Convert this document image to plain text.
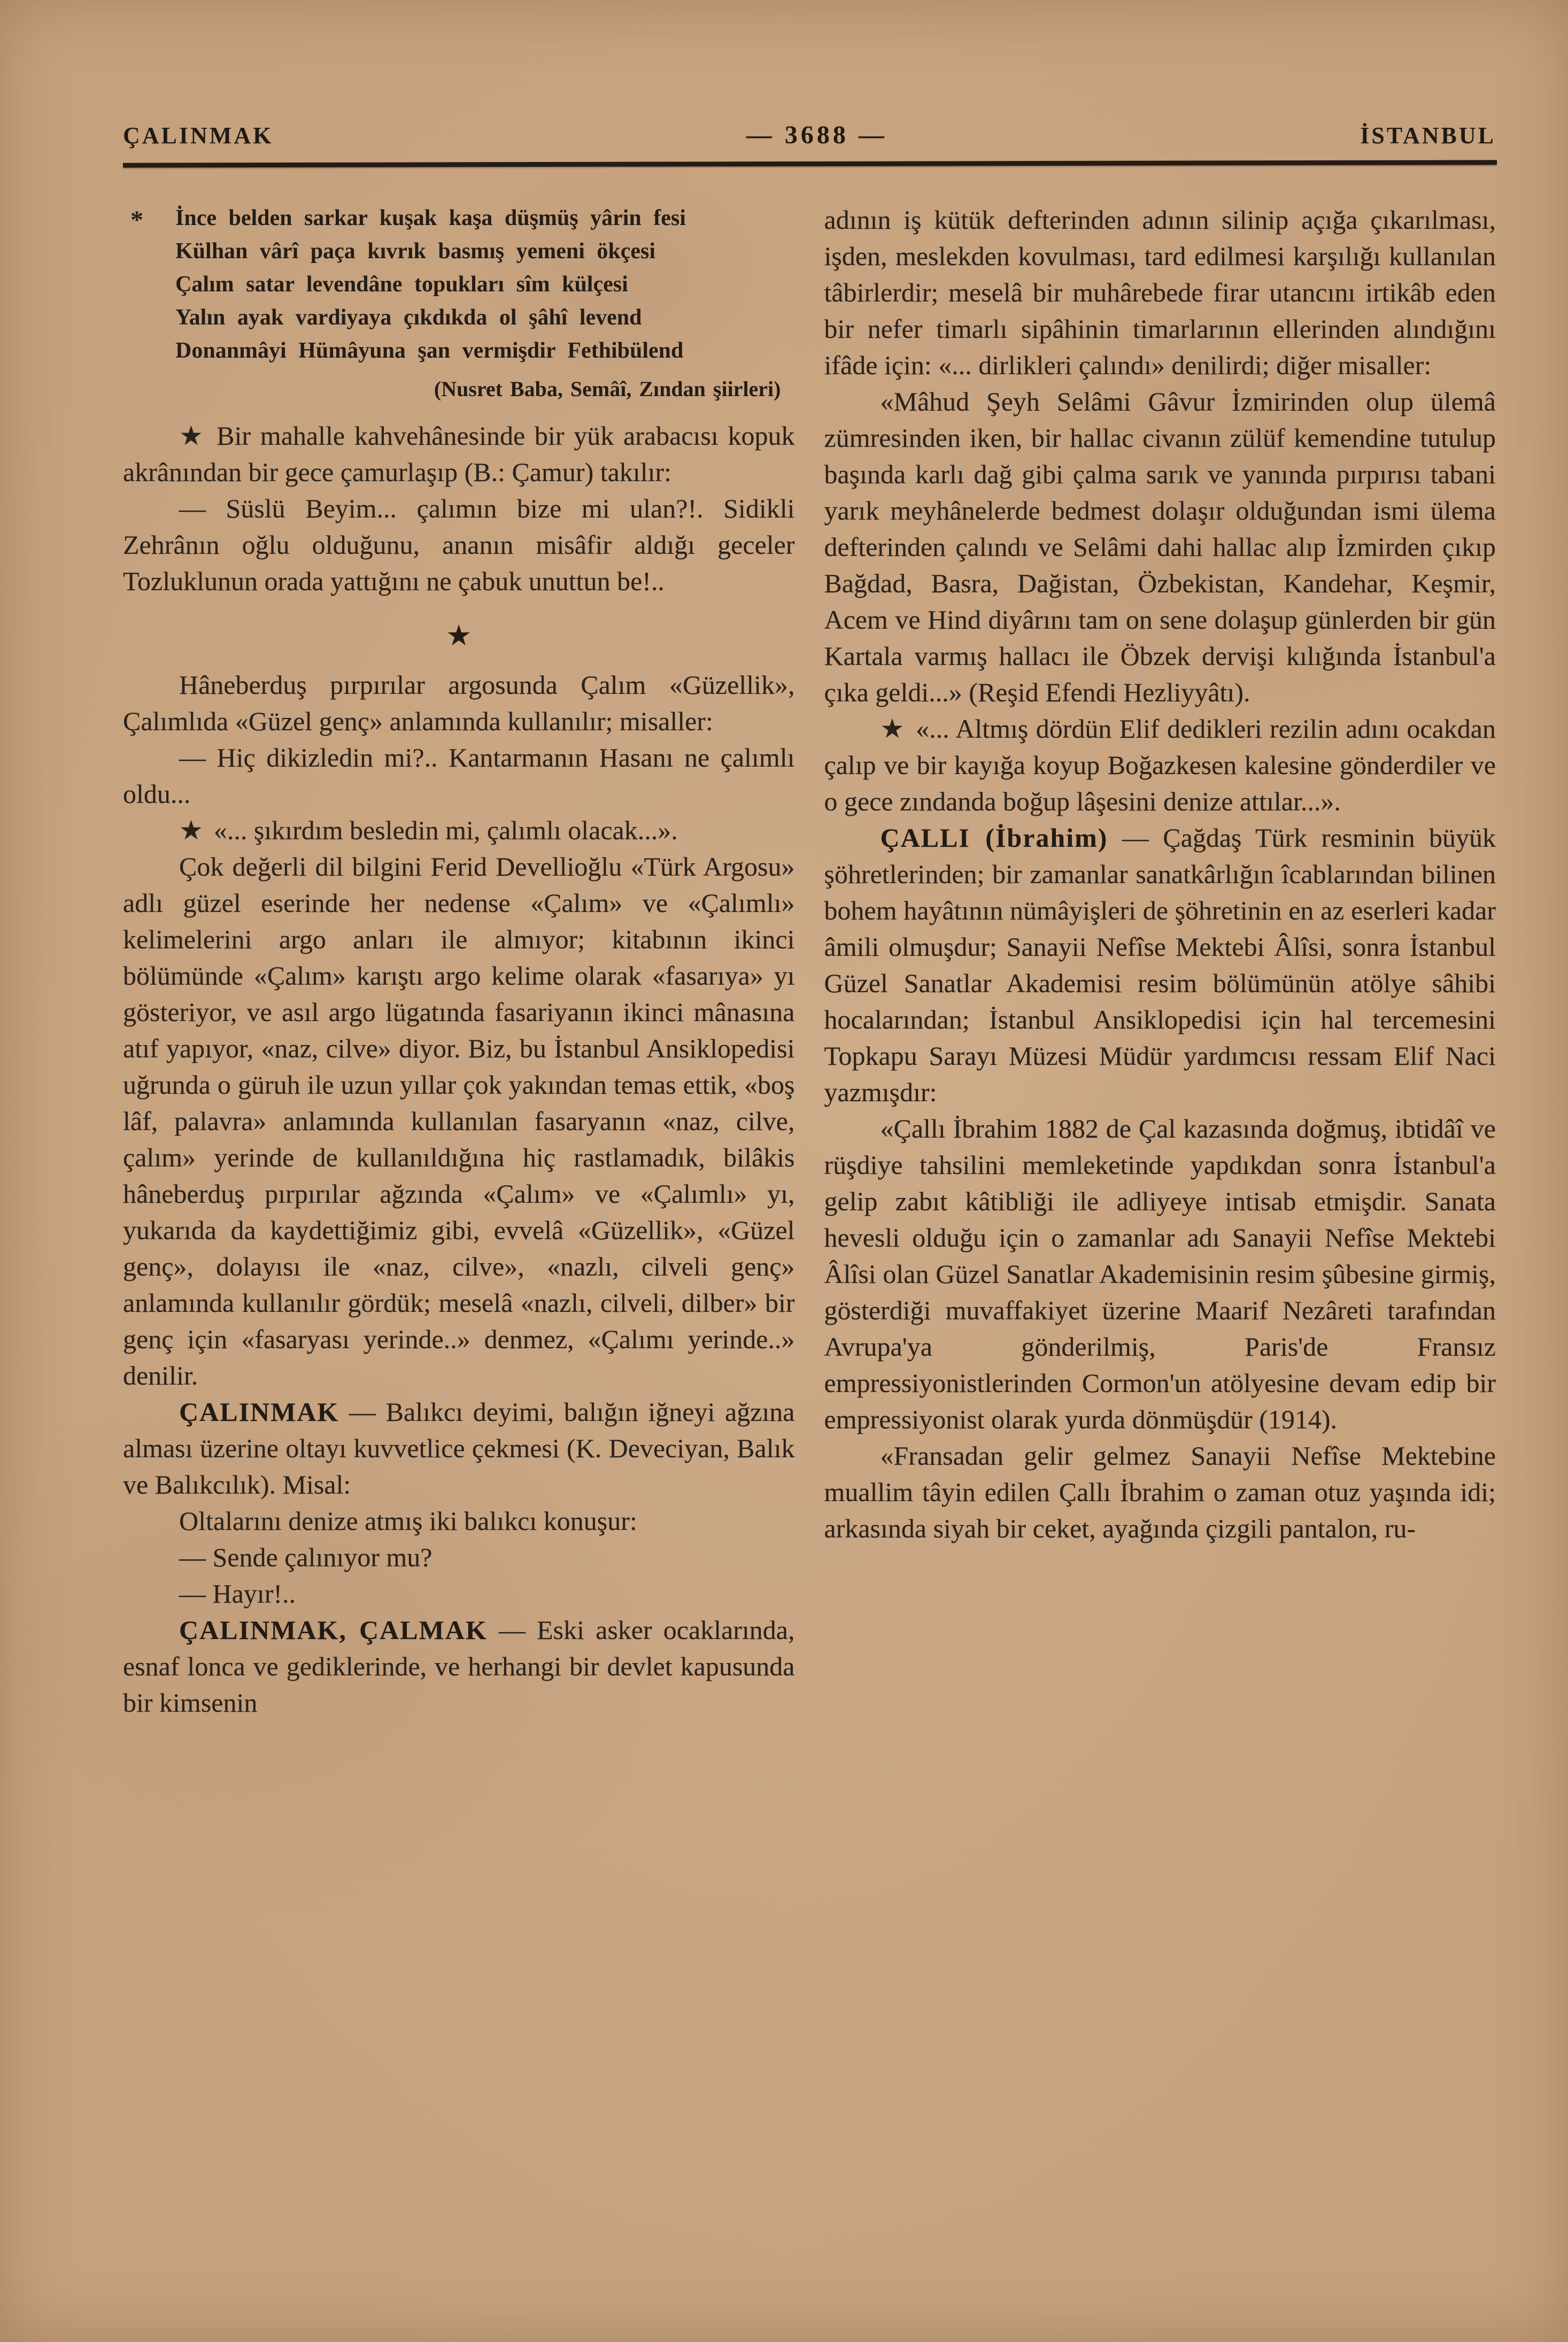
ÇALINMAK	— 3688 —	İSTANBUL
* İnce belden sarkar kuşak kaşa düşmüş yârin fesi
Külhan vârî paça kıvrık basmış yemeni ökçesi
Çalım satar levendâne topukları sîm külçesi
Yalın ayak vardiyaya çıkdıkda ol şâhî levend
Donanmâyi Hümâyuna şan vermişdir Fethibülend
(Nusret Baba, Semâî, Zından şiirleri)

★ Bir mahalle kahvehânesinde bir yük arabacısı kopuk akrânından bir gece çamurlaşıp (B.: Çamur) takılır:

— Süslü Beyim... çalımın bize mi ulan?!. Sidikli Zehrânın oğlu olduğunu, ananın misâfir aldığı geceler Tozluklunun orada yattığını ne çabuk unuttun be!..

★

Hâneberduş pırpırılar argosunda Çalım «Güzellik», Çalımlıda «Güzel genç» anlamında kullanılır; misaller:

— Hiç dikizledin mi?.. Kantarmanın Hasanı ne çalımlı oldu...

★ «... şıkırdım besledin mi, çalımlı olacak...».

Çok değerli dil bilgini Ferid Devellioğlu «Türk Argosu» adlı güzel eserinde her nedense «Çalım» ve «Çalımlı» kelimelerini argo anları ile almıyor; kitabının ikinci bölümünde «Çalım» karıştı argo kelime olarak «fasarıya» yı gösteriyor, ve asıl argo lügatında fasariyanın ikinci mânasına atıf yapıyor, «naz, cilve» diyor. Biz, bu İstanbul Ansiklopedisi uğrunda o güruh ile uzun yıllar çok yakından temas ettik, «boş lâf, palavra» anlamında kullanılan fasaryanın «naz, cilve, çalım» yerinde de kullanıldığına hiç rastlamadık, bilâkis hâneberduş pırpırılar ağzında «Çalım» ve «Çalımlı» yı, yukarıda da kaydettiğimiz gibi, evvelâ «Güzellik», «Güzel genç», dolayısı ile «naz, cilve», «nazlı, cilveli genç» anlamında kullanılır gördük; meselâ «nazlı, cilveli, dilber» bir genç için «fasaryası yerinde..» denmez, «Çalımı yerinde..» denilir.

ÇALINMAK — Balıkcı deyimi, balığın iğneyi ağzına alması üzerine oltayı kuvvetlice çekmesi (K. Deveciyan, Balık ve Balıkcılık). Misal:

Oltalarını denize atmış iki balıkcı konuşur:

— Sende çalınıyor mu?

— Hayır!..

ÇALINMAK, ÇALMAK — Eski asker ocaklarında, esnaf lonca ve gediklerinde, ve herhangi bir devlet kapusunda bir kimsenin

adının iş kütük defterinden adının silinip açığa çıkarılması, işden, meslekden kovulması, tard edilmesi karşılığı kullanılan tâbirlerdir; meselâ bir muhârebede firar utancını irtikâb eden bir nefer timarlı sipâhinin timarlarının ellerinden alındığını ifâde için: «... dirlikleri çalındı» denilirdi; diğer misaller:

«Mâhud Şeyh Selâmi Gâvur İzmirinden olup ülemâ zümresinden iken, bir hallac civanın zülüf kemendine tutulup başında karlı dağ gibi çalma sarık ve yanında pırpırısı tabani yarık meyhânelerde bedmest dolaşır olduğundan ismi ülema defterinden çalındı ve Selâmi dahi hallac alıp İzmirden çıkıp Bağdad, Basra, Dağistan, Özbekistan, Kandehar, Keşmir, Acem ve Hind diyârını tam on sene dolaşup günlerden bir gün Kartala varmış hallacı ile Öbzek dervişi kılığında İstanbul'a çıka geldi...» (Reşid Efendi Hezliyyâtı).

★ «... Altmış dördün Elif dedikleri rezilin adını ocakdan çalıp ve bir kayığa koyup Boğazkesen kalesine gönderdiler ve o gece zındanda boğup lâşesini denize attılar...».

ÇALLI (İbrahim) — Çağdaş Türk resminin büyük şöhretlerinden; bir zamanlar sanatkârlığın îcablarından bilinen bohem hayâtının nümâyişleri de şöhretinin en az eserleri kadar âmili olmuşdur; Sanayii Nefîse Mektebi Âlîsi, sonra İstanbul Güzel Sanatlar Akademisi resim bölümünün atölye sâhibi hocalarından; İstanbul Ansiklopedisi için hal tercemesini Topkapu Sarayı Müzesi Müdür yardımcısı ressam Elif Naci yazmışdır:

«Çallı İbrahim 1882 de Çal kazasında doğmuş, ibtidâî ve rüşdiye tahsilini memleketinde yapdıkdan sonra İstanbul'a gelip zabıt kâtibliği ile adliyeye intisab etmişdir. Sanata hevesli olduğu için o zamanlar adı Sanayii Nefîse Mektebi Âlîsi olan Güzel Sanatlar Akademisinin resim şûbesine girmiş, gösterdiği muvaffakiyet üzerine Maarif Nezâreti tarafından Avrupa'ya gönderilmiş, Paris'de Fransız empressiyonistlerinden Cormon'un atölyesine devam edip bir empressiyonist olarak yurda dönmüşdür (1914).

«Fransadan gelir gelmez Sanayii Nefîse Mektebine muallim tâyin edilen Çallı İbrahim o zaman otuz yaşında idi; arkasında siyah bir ceket, ayağında çizgili pantalon, ru-
